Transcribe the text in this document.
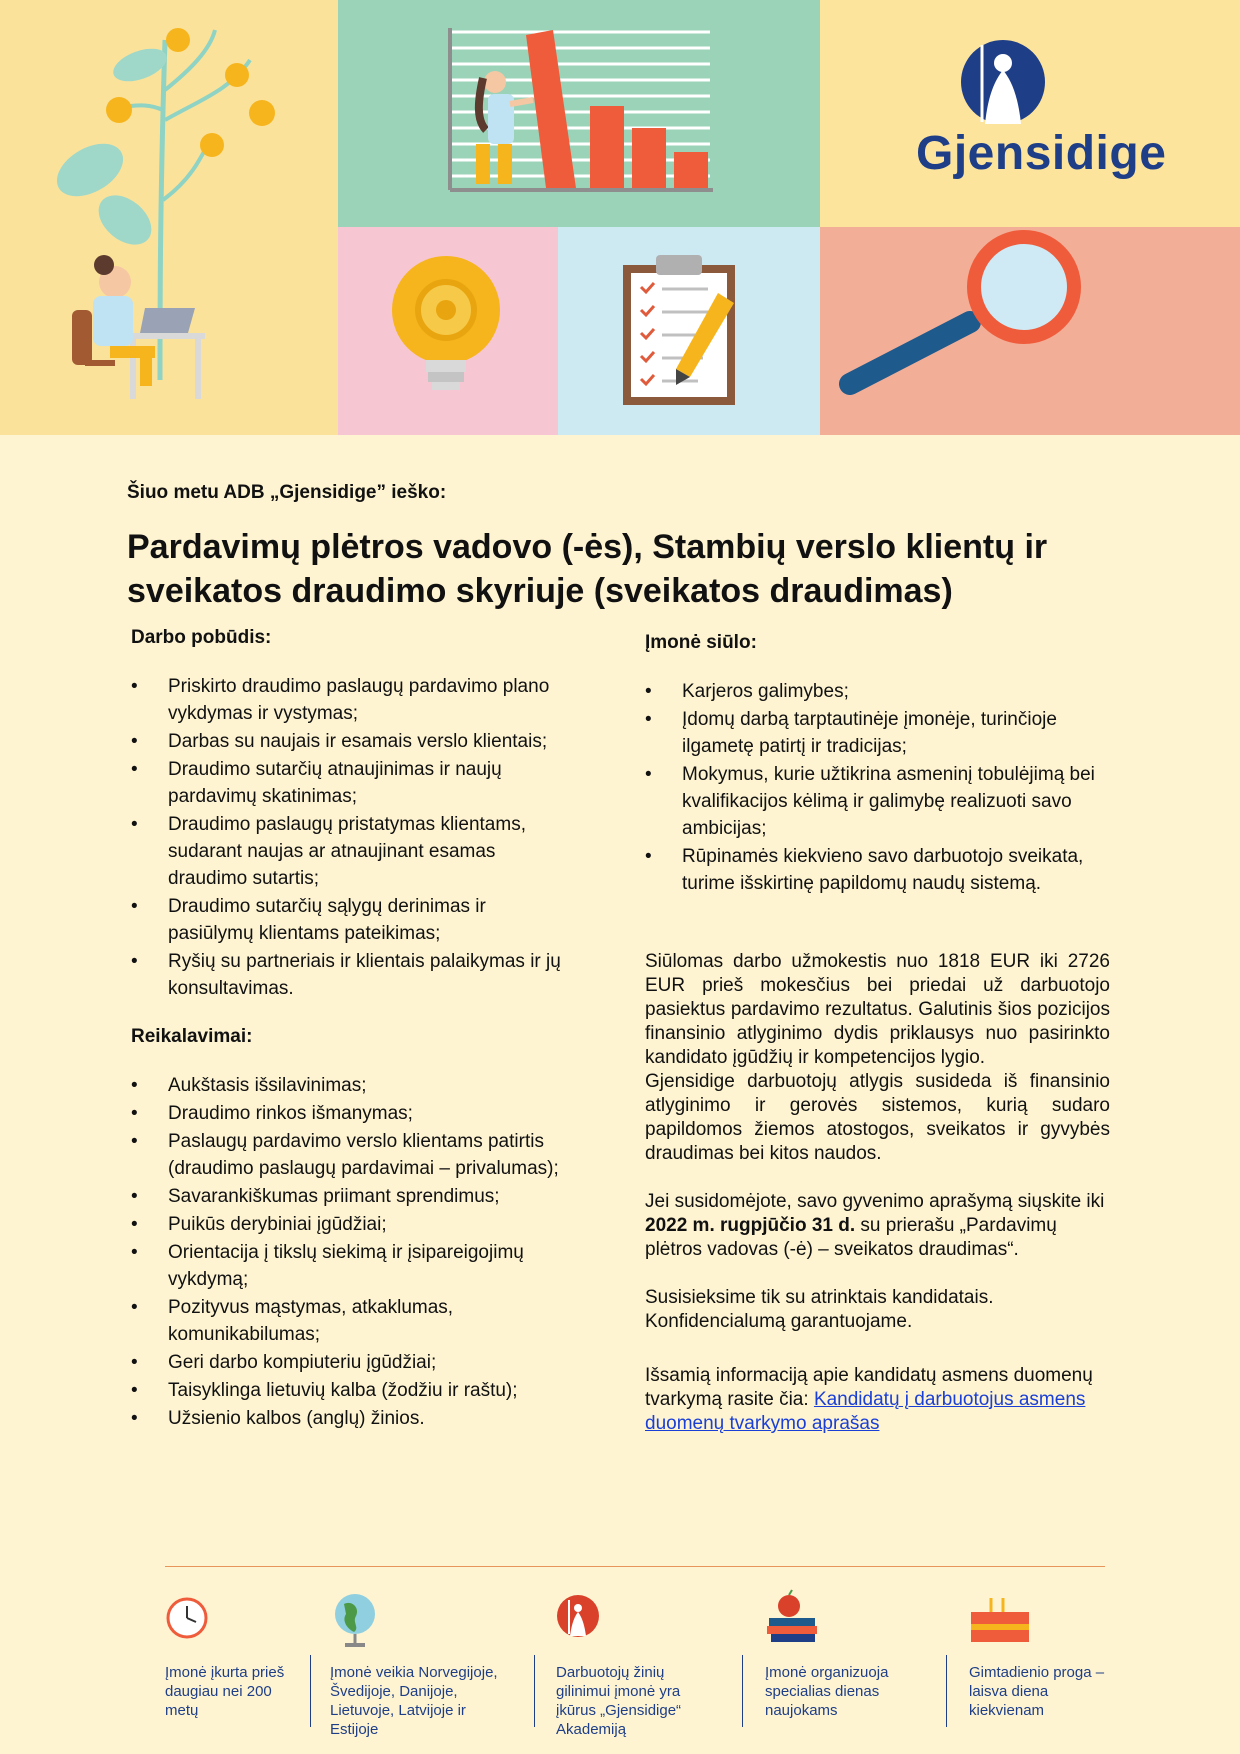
Gjensidige
Šiuo metu ADB „Gjensidige” ieško:
Pardavimų plėtros vadovo (-ės), Stambių verslo klientų ir sveikatos draudimo skyriuje (sveikatos draudimas)
Darbo pobūdis:
• Priskirto draudimo paslaugų pardavimo plano vykdymas ir vystymas;
• Darbas su naujais ir esamais verslo klientais;
• Draudimo sutarčių atnaujinimas ir naujų pardavimų skatinimas;
• Draudimo paslaugų pristatymas klientams, sudarant naujas ar atnaujinant esamas draudimo sutartis;
• Draudimo sutarčių sąlygų derinimas ir pasiūlymų klientams pateikimas;
• Ryšių su partneriais ir klientais palaikymas ir jų konsultavimas.
Reikalavimai:
• Aukštasis išsilavinimas;
• Draudimo rinkos išmanymas;
• Paslaugų pardavimo verslo klientams patirtis (draudimo paslaugų pardavimai – privalumas);
• Savarankiškumas priimant sprendimus;
• Puikūs derybiniai įgūdžiai;
• Orientacija į tikslų siekimą ir įsipareigojimų vykdymą;
• Pozityvus mąstymas, atkaklumas, komunikabilumas;
• Geri darbo kompiuteriu įgūdžiai;
• Taisyklinga lietuvių kalba (žodžiu ir raštu);
• Užsienio kalbos (anglų) žinios.
Įmonė siūlo:
• Karjeros galimybes;
• Įdomų darbą tarptautinėje įmonėje, turinčioje ilgametę patirtį ir tradicijas;
• Mokymus, kurie užtikrina asmeninį tobulėjimą bei kvalifikacijos kėlimą ir galimybę realizuoti savo ambicijas;
• Rūpinamės kiekvieno savo darbuotojo sveikata, turime išskirtinę papildomų naudų sistemą.

Siūlomas darbo užmokestis nuo 1818 EUR iki 2726 EUR prieš mokesčius bei priedai už darbuotojo pasiektus pardavimo rezultatus. Galutinis šios pozicijos finansinio atlyginimo dydis priklausys nuo pasirinkto kandidato įgūdžių ir kompetencijos lygio.

Gjensidige darbuotojų atlygis susideda iš finansinio atlyginimo ir gerovės sistemos, kurią sudaro papildomos žiemos atostogos, sveikatos ir gyvybės draudimas bei kitos naudos.

Jei susidomėjote, savo gyvenimo aprašymą siųskite iki 2022 m. rugpjūčio 31 d. su prierašu „Pardavimų plėtros vadovas (-ė) – sveikatos draudimas“.

Susisieksime tik su atrinktais kandidatais.

Konfidencialumą garantuojame.

Išsamią informaciją apie kandidatų asmens duomenų tvarkymą rasite čia: Kandidatų į darbuotojus asmens duomenų tvarkymo aprašas

Įmonė įkurta prieš daugiau nei 200 metų
Įmonė veikia Norvegijoje, Švedijoje, Danijoje, Lietuvoje, Latvijoje ir Estijoje
Darbuotojų žinių gilinimui įmonė yra įkūrus „Gjensidige“ Akademiją
Įmonė organizuoja specialias dienas naujokams
Gimtadienio proga – laisva diena kiekvienam
